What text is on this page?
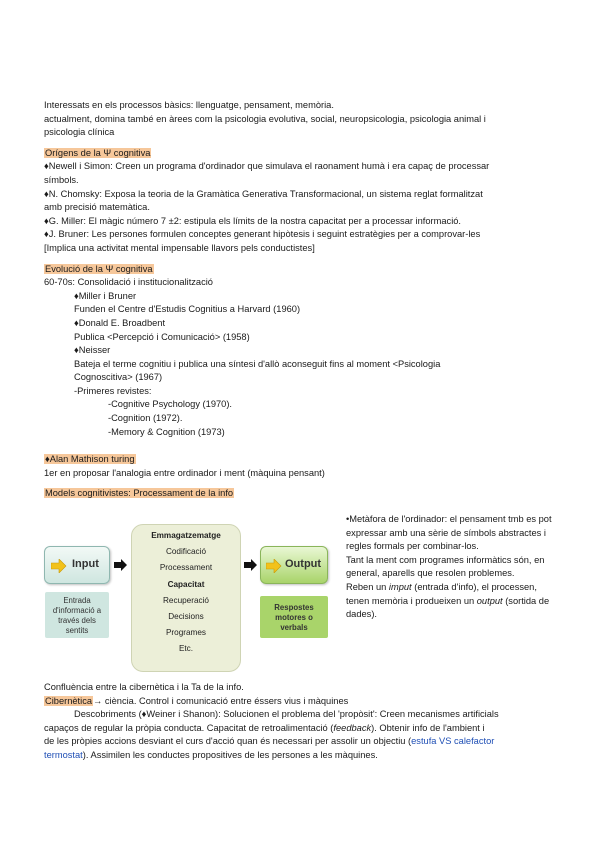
Interessats en els processos bàsics: llenguatge, pensament, memòria.
actualment, domina també en àrees com la psicologia evolutiva, social, neuropsicologia, psicologia animal i
psicologia clínica
Orígens de la Ψ cognitiva
♦Newell i Simon: Creen un programa d'ordinador que simulava el raonament humà i era capaç de processar
símbols.
♦N. Chomsky: Exposa la teoria de la Gramàtica Generativa Transformacional, un sistema reglat formalitzat
amb precisió matemàtica.
♦G. Miller: El màgic número 7 ±2: estipula els límits de la nostra capacitat per a processar informació.
♦J. Bruner: Les persones formulen conceptes generant hipòtesis i seguint estratègies per a comprovar-les
[Implica una activitat mental impensable llavors pels conductistes]
Evolució de la Ψ cognitiva
60-70s: Consolidació i institucionalització
♦Miller i Bruner
Funden el Centre d'Estudis Cognitius a Harvard (1960)
♦Donald E. Broadbent
Publica <Percepció i Comunicació> (1958)
♦Neisser
Bateja el terme cognitiu i publica una síntesi d'allò aconseguit fins al moment <Psicologia
Cognoscitiva> (1967)
-Primeres revistes:
-Cognitive Psychology (1970).
-Cognition (1972).
-Memory & Cognition (1973)
♦Alan Mathison turing
1er en proposar l'analogia entre ordinador i ment (màquina pensant)
Models cognitivistes: Processament de la info
Input
Emmagatzematge
Codificació
Processament
Capacitat
Recuperació
Decisions
Programes
Etc.
Output
Entrada
d'informació a
través dels
sentits
Respostes
motores o
verbals
•Metàfora de l'ordinador: el pensament tmb es pot expressar amb una sèrie de símbols abstractes i regles formals per combinar-los.
Tant la ment com programes informàtics són, en general, aparells que resolen problemes.
Reben un imput (entrada d'info), el processen, tenen memòria i produeixen un output (sortida de dades).
Confluència entre la cibernètica i la Ta de la info.
Cibernètica→ ciència. Control i comunicació entre éssers vius i màquines
Descobriments (♦Weiner i Shanon): Solucionen el problema del 'propòsit': Creen mecanismes artificials
capaços de regular la pròpia conducta. Capacitat de retroalimentació (feedback). Obtenir info de l'ambient i
de les pròpies accions desviant el curs d'acció quan és necessari per assolir un objectiu (estufa VS calefactor
termostat). Assimilen les conductes propositives de les persones a les màquines.
